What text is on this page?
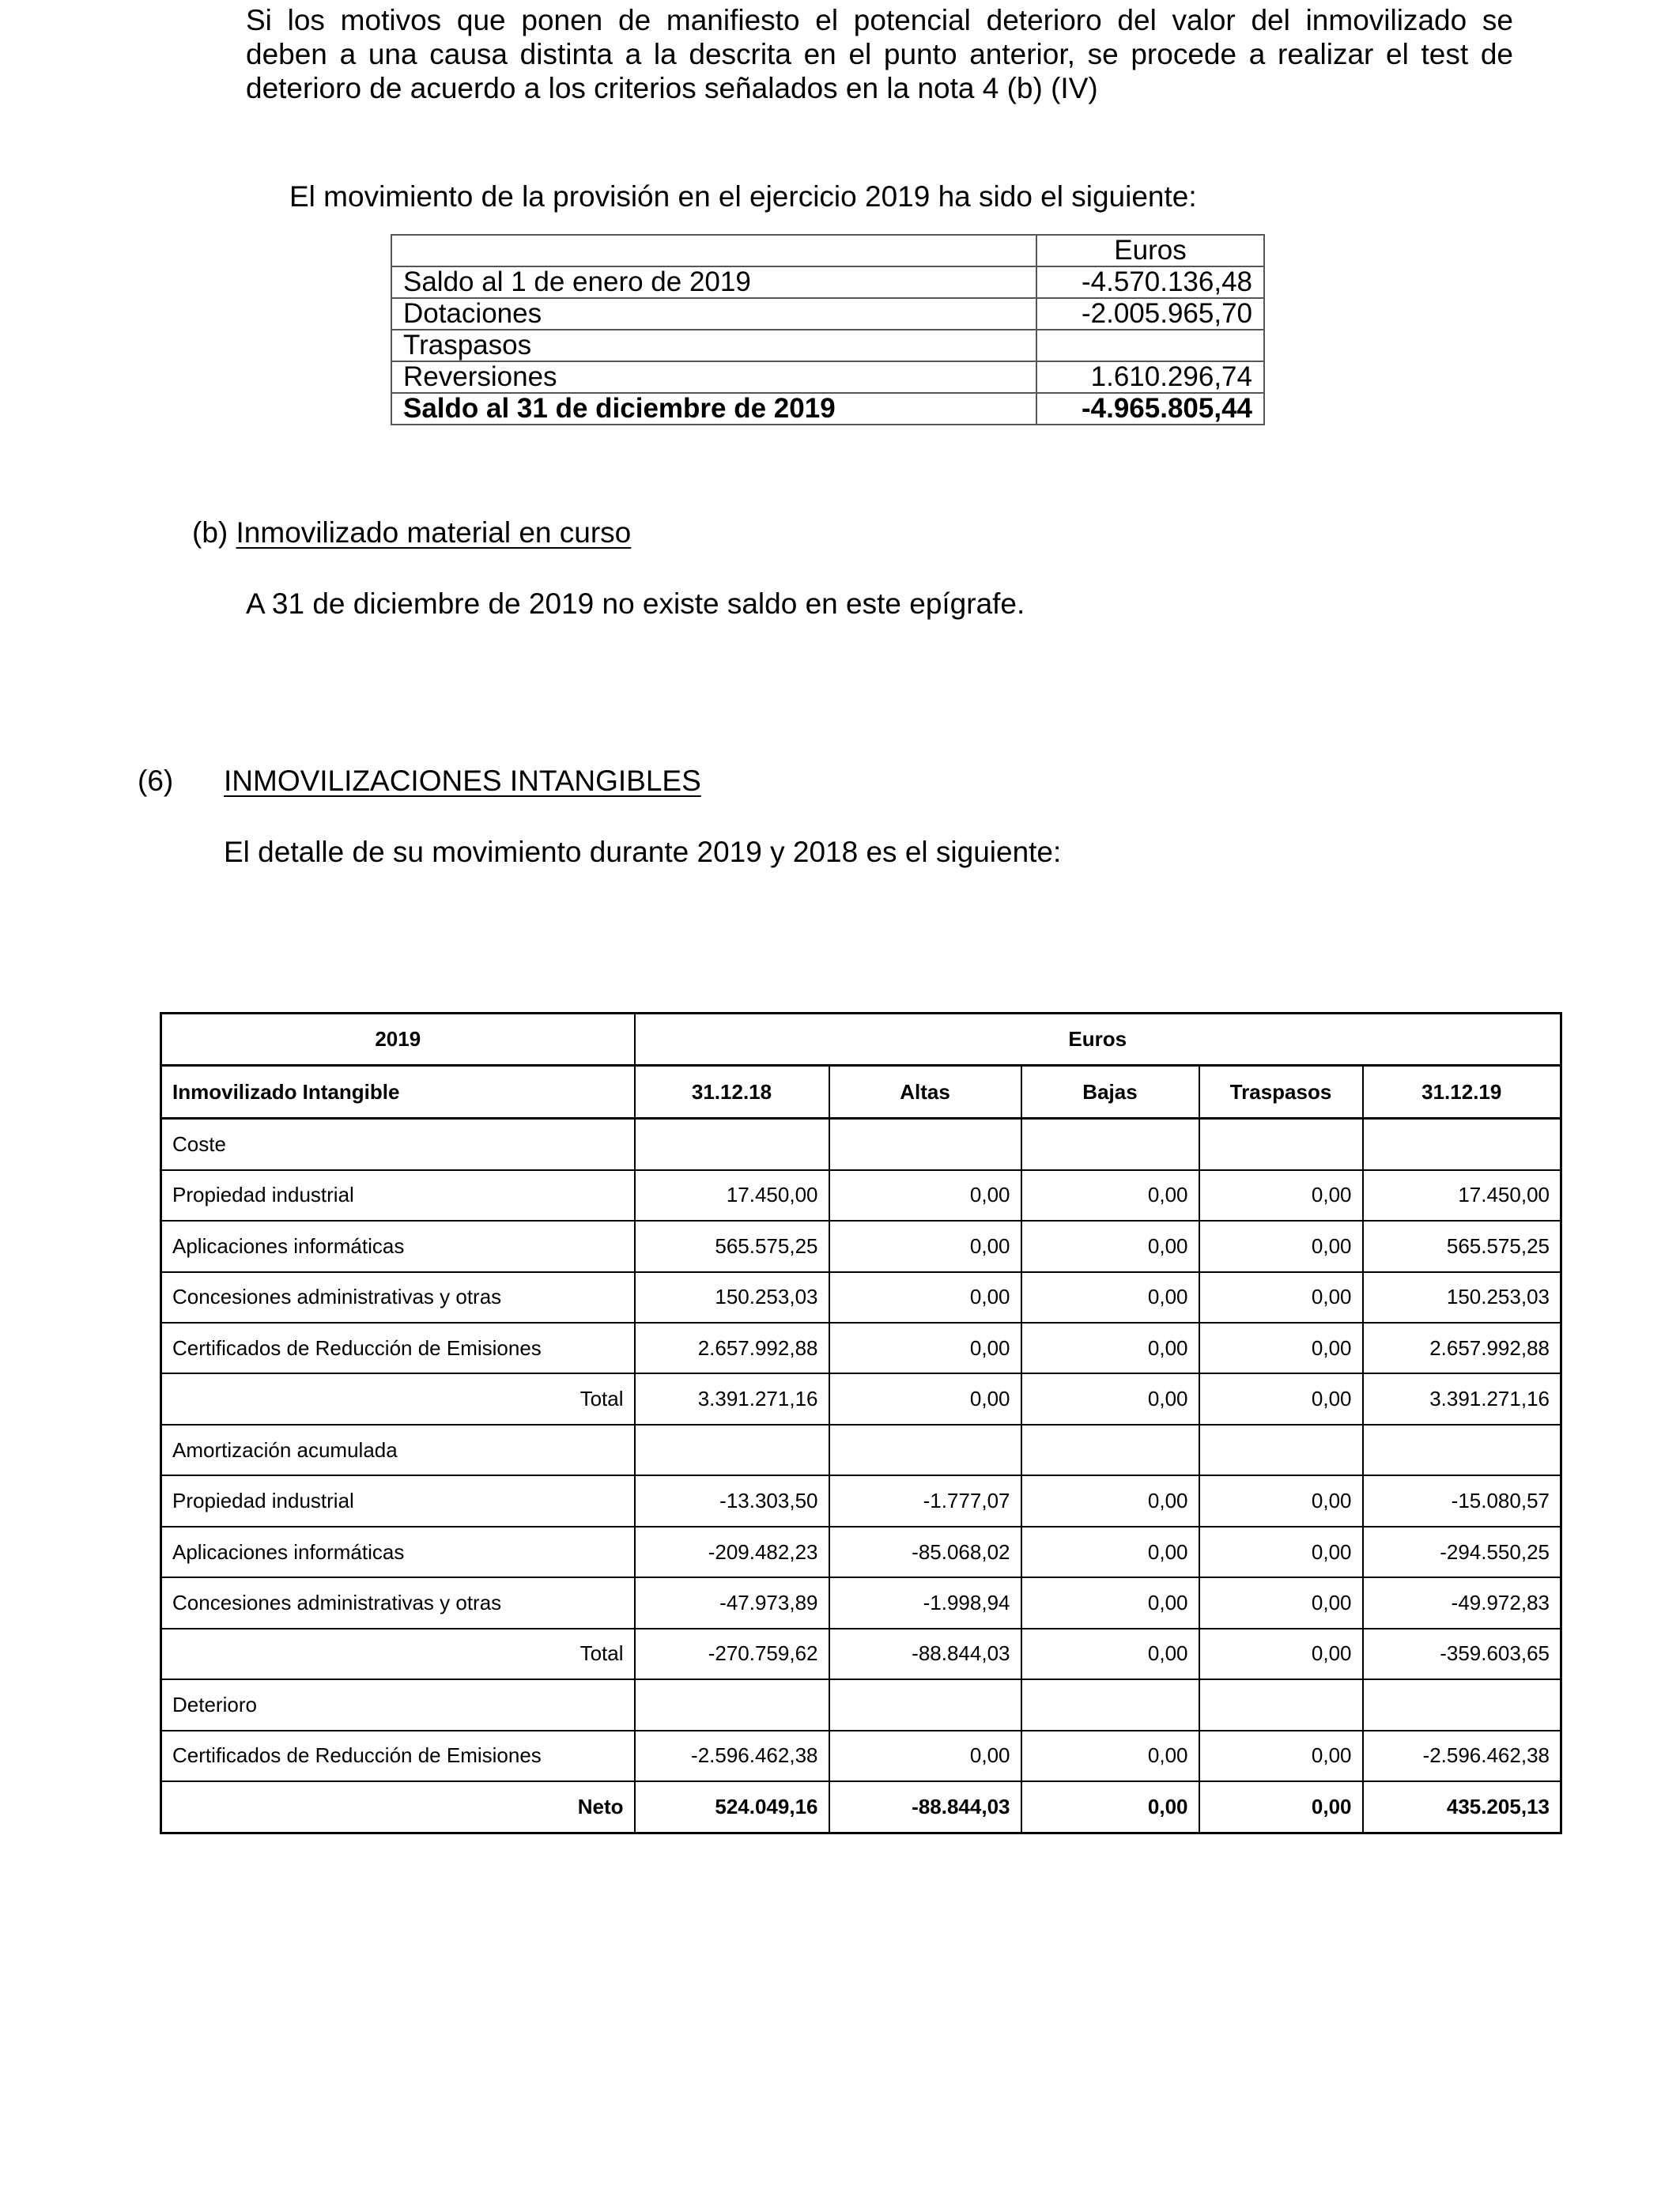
Si los motivos que ponen de manifiesto el potencial deterioro del valor del inmovilizado se
deben a una causa distinta a la descrita en el punto anterior, se procede a realizar el test de
deterioro de acuerdo a los criterios señalados en la nota 4 (b) (IV)
El movimiento de la provisión en el ejercicio 2019 ha sido el siguiente:
	Euros
Saldo al 1 de enero de 2019	-4.570.136,48
Dotaciones	-2.005.965,70
Traspasos	
Reversiones	1.610.296,74
Saldo al 31 de diciembre de 2019	-4.965.805,44
(b) Inmovilizado material en curso
A 31 de diciembre de 2019 no existe saldo en este epígrafe.
(6) INMOVILIZACIONES INTANGIBLES
El detalle de su movimiento durante 2019 y 2018 es el siguiente:
2019	Euros				
Inmovilizado Intangible	31.12.18	Altas	Bajas	Traspasos	31.12.19
Coste					
Propiedad industrial	17.450,00	0,00	0,00	0,00	17.450,00
Aplicaciones informáticas	565.575,25	0,00	0,00	0,00	565.575,25
Concesiones administrativas y otras	150.253,03	0,00	0,00	0,00	150.253,03
Certificados de Reducción de Emisiones	2.657.992,88	0,00	0,00	0,00	2.657.992,88
Total	3.391.271,16	0,00	0,00	0,00	3.391.271,16
Amortización acumulada					
Propiedad industrial	-13.303,50	-1.777,07	0,00	0,00	-15.080,57
Aplicaciones informáticas	-209.482,23	-85.068,02	0,00	0,00	-294.550,25
Concesiones administrativas y otras	-47.973,89	-1.998,94	0,00	0,00	-49.972,83
Total	-270.759,62	-88.844,03	0,00	0,00	-359.603,65
Deterioro					
Certificados de Reducción de Emisiones	-2.596.462,38	0,00	0,00	0,00	-2.596.462,38
Neto	524.049,16	-88.844,03	0,00	0,00	435.205,13
